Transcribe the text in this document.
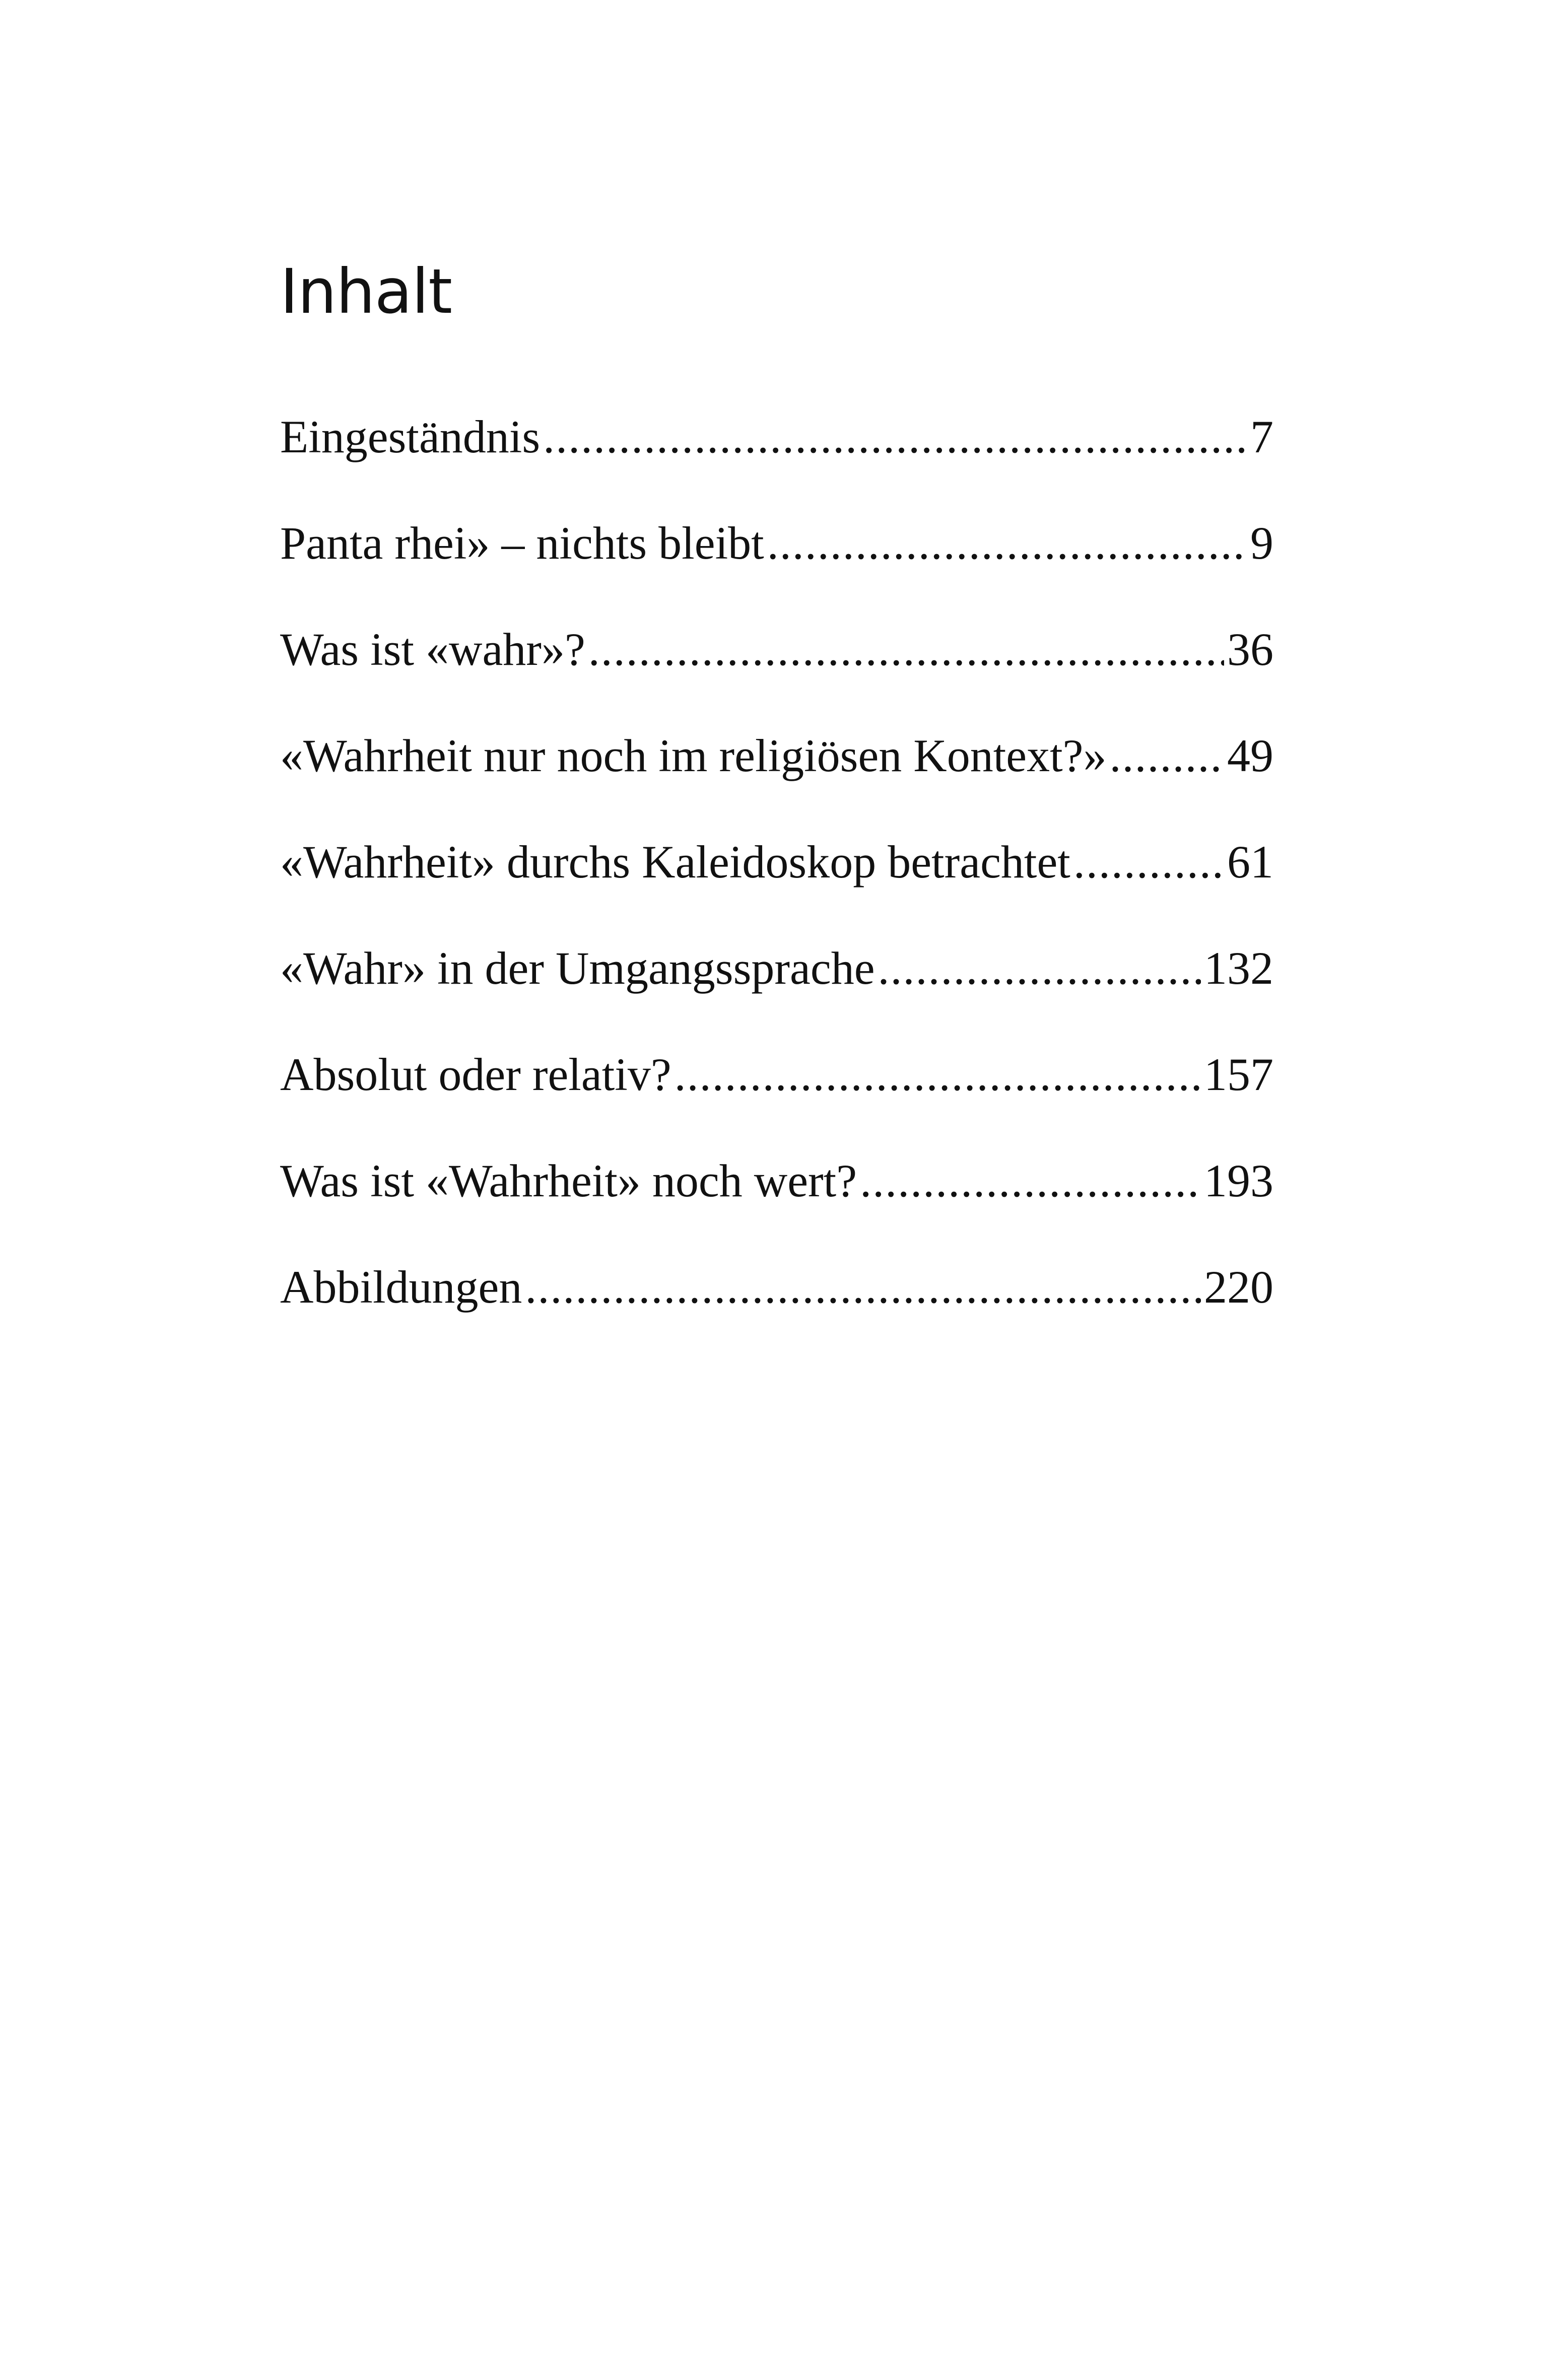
Inhalt
Eingeständnis .....	7
Panta rhei» – nichts bleibt .....	9
Was ist «wahr»? .....	36
«Wahrheit nur noch im religiösen Kontext?» .....	49
«Wahrheit» durchs Kaleidoskop betrachtet .....	61
«Wahr» in der Umgangssprache .....	132
Absolut oder relativ? .....	157
Was ist «Wahrheit» noch wert? .....	193
Abbildungen .....	220
